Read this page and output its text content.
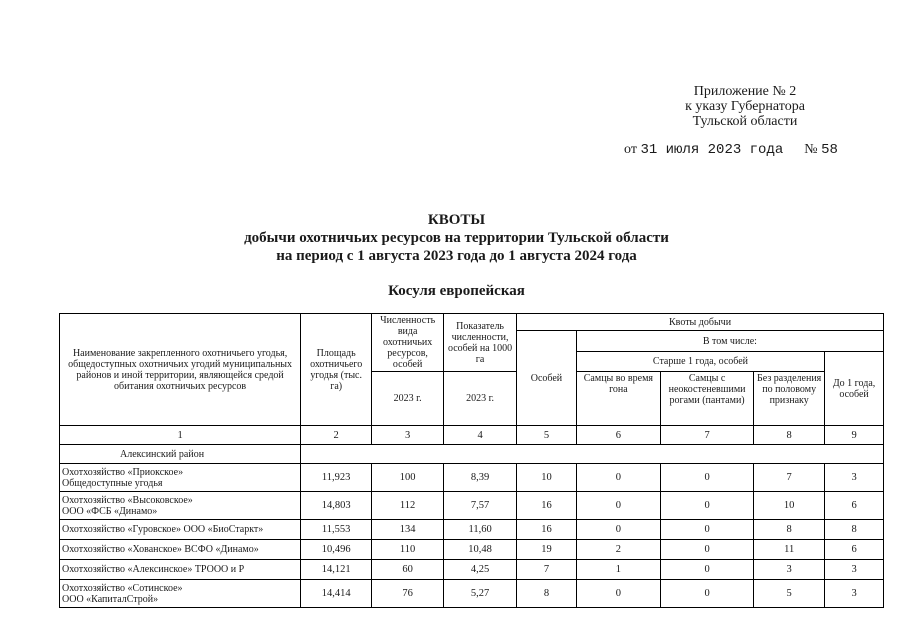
Приложение № 2
к указу Губернатора
Тульской области
от 31 июля 2023 года № 58
КВОТЫ
добычи охотничьих ресурсов на территории Тульской области
на период с 1 августа 2023 года до 1 августа 2024 года
Косуля европейская
Наименование закрепленного охотничьего угодья, общедоступных охотничьих угодий муниципальных районов и иной территории, являющейся средой обитания охотничьих ресурсов	Площадь охотничьего угодья (тыс. га)	Численность вида охотничьих ресурсов, особей	Показатель численности, особей на 1000 га	Квоты добычи				
				Особей	В том числе:			
					Старше 1 года, особей			До 1 года, особей
		2023 г.	2023 г.		Самцы во время гона	Самцы с неокостеневшими рогами (пантами)	Без разделения по половому признаку	
1	2	3	4	5	6	7	8	9
Алексинский район								

Охотхозяйство «Приокское»
Общедоступные угодья	11,923	100	8,39	10	0	0	7	3

Охотхозяйство «Высоковское»
ООО «ФСБ «Динамо»	14,803	112	7,57	16	0	0	10	6

Охотхозяйство «Гуровское» ООО «БиоСтаркт»	11,553	134	11,60	16	0	0	8	8

Охотхозяйство «Хованское» ВСФО «Динамо»	10,496	110	10,48	19	2	0	11	6

Охотхозяйство «Алексинское» ТРООО и Р	14,121	60	4,25	7	1	0	3	3

Охотхозяйство «Сотинское»
ООО «КапиталСтрой»	14,414	76	5,27	8	0	0	5	3
